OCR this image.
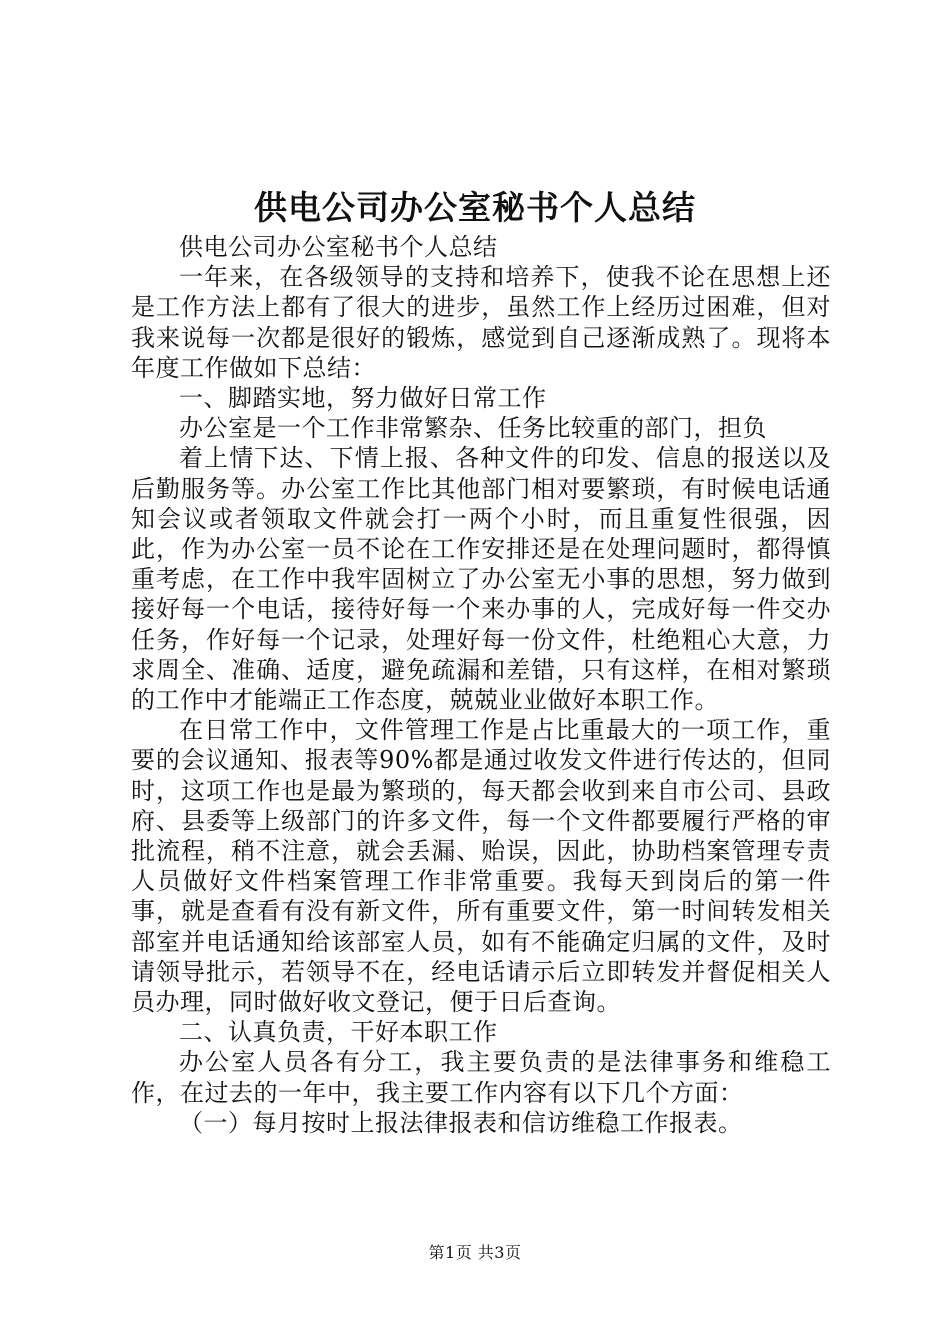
供电公司办公室秘书个人总结

供电公司办公室秘书个人总结

一年来，在各级领导的支持和培养下，使我不论在思想上还是工作方法上都有了很大的进步，虽然工作上经历过困难，但对我来说每一次都是很好的锻炼，感觉到自己逐渐成熟了。现将本年度工作做如下总结：

一、脚踏实地，努力做好日常工作

办公室是一个工作非常繁杂、任务比较重的部门，担负

着上情下达、下情上报、各种文件的印发、信息的报送以及后勤服务等。办公室工作比其他部门相对要繁琐，有时候电话通知会议或者领取文件就会打一两个小时，而且重复性很强，因此，作为办公室一员不论在工作安排还是在处理问题时，都得慎重考虑，在工作中我牢固树立了办公室无小事的思想，努力做到接好每一个电话，接待好每一个来办事的人，完成好每一件交办任务，作好每一个记录，处理好每一份文件，杜绝粗心大意，力求周全、准确、适度，避免疏漏和差错，只有这样，在相对繁琐的工作中才能端正工作态度，兢兢业业做好本职工作。

在日常工作中，文件管理工作是占比重最大的一项工作，重要的会议通知、报表等90%都是通过收发文件进行传达的，但同时，这项工作也是最为繁琐的，每天都会收到来自市公司、县政府、县委等上级部门的许多文件，每一个文件都要履行严格的审批流程，稍不注意，就会丢漏、贻误，因此，协助档案管理专责人员做好文件档案管理工作非常重要。我每天到岗后的第一件事，就是查看有没有新文件，所有重要文件，第一时间转发相关部室并电话通知给该部室人员，如有不能确定归属的文件，及时请领导批示，若领导不在，经电话请示后立即转发并督促相关人员办理，同时做好收文登记，便于日后查询。

二、认真负责，干好本职工作

办公室人员各有分工，我主要负责的是法律事务和维稳工作，在过去的一年中，我主要工作内容有以下几个方面：

（一）每月按时上报法律报表和信访维稳工作报表。

第1页 共3页
